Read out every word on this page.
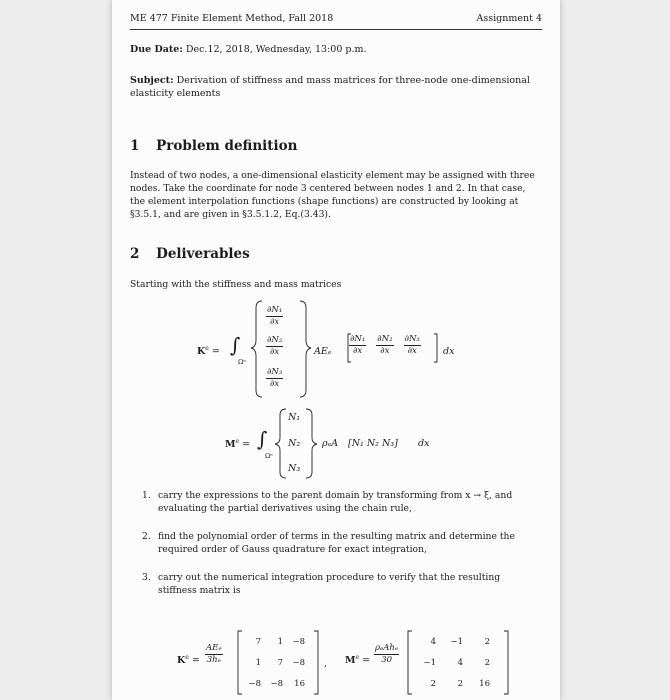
ME 477 Finite Element Method, Fall 2018	Assignment 4
Due Date: Dec.12, 2018, Wednesday, 13:00 p.m.
Subject: Derivation of stiffness and mass matrices for three-node one-dimensional elasticity elements
1 Problem definition
Instead of two nodes, a one-dimensional elasticity element may be assigned with three nodes. Take the coordinate for node 3 centered between nodes 1 and 2. In that case, the element interpolation functions (shape functions) are constructed by looking at §3.5.1, and are given in §3.5.1.2, Eq.(3.43).
2 Deliverables
Starting with the stiffness and mass matrices
$K^e$ = ∫
Ωᵉ
$\frac{\text{∂N₁}}{\partial x}$
$\frac{\text{∂N₂}}{\partial x}$
$\frac{\text{∂N₃}}{\partial x}$
AEₑ $\frac{\text{∂N₁}}{\partial x}$
$\frac{\text{∂N₂}}{\partial x}$
$\frac{\text{∂N₃}}{\partial x}$ dx
$M^e$ = ∫
Ωᵉ
N₁
N₂
N₃
ρₑA [N₁ N₂ N₃] dx
1. carry the expressions to the parent domain by transforming from x → ξ, and evaluating the partial derivatives using the chain rule,
2. find the polynomial order of terms in the resulting matrix and determine the required order of Gauss quadrature for exact integration,
3. carry out the numerical integration procedure to verify that the resulting stiffness matrix is
$K^e = \frac{\text{AEₑ}}{\text{3hₑ}}$
7	1	−8
1	7	−8
−8	−8	16
, $M^e = \frac{\text{ρₑAhₑ}}{30}$
4	−1	2
−1	4	2
2	2	16
